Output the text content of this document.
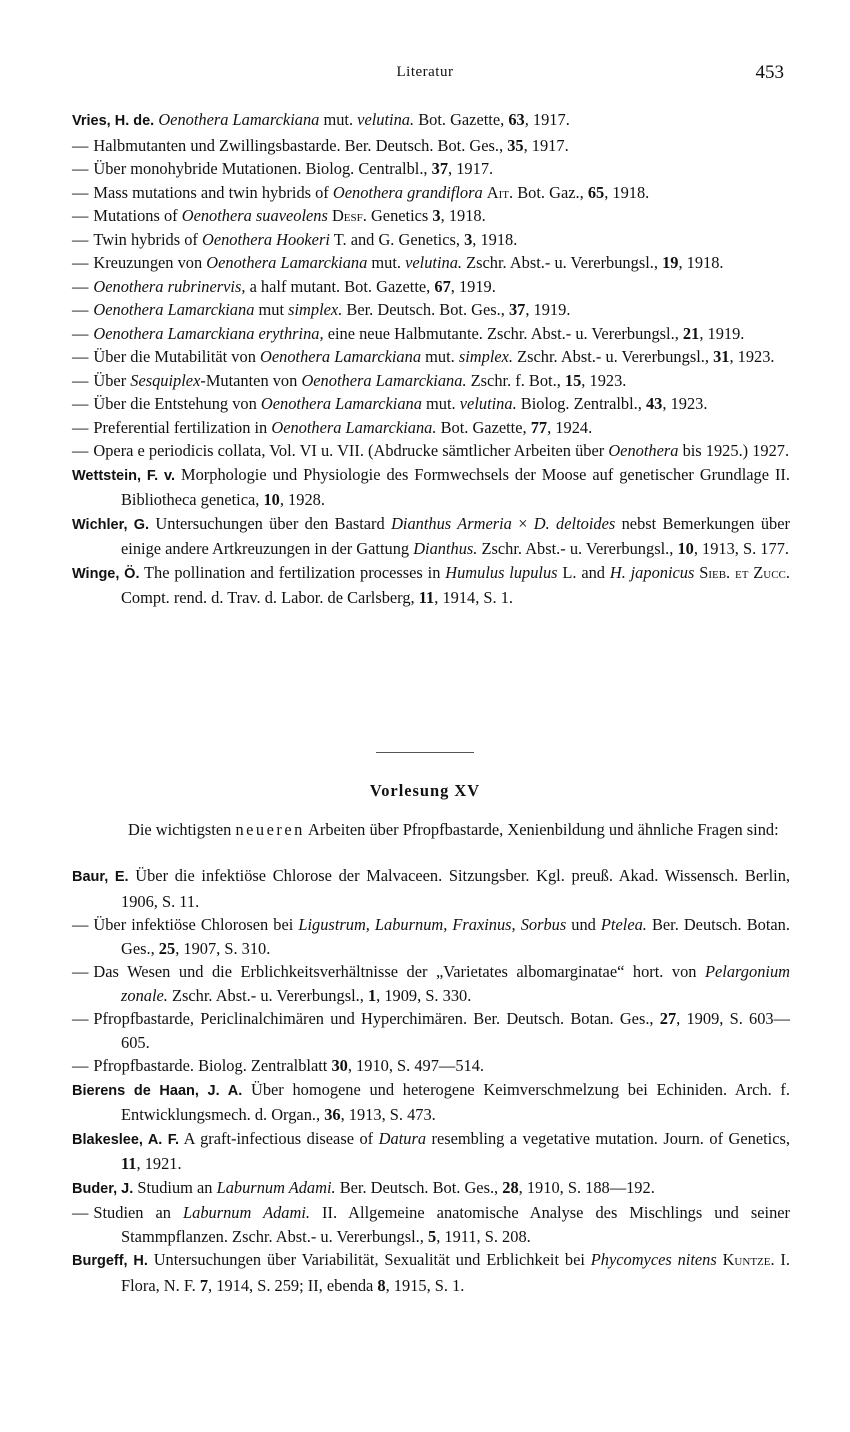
Literatur	453
Vries, H. de. Oenothera Lamarckiana mut. velutina. Bot. Gazette, 63, 1917.
— Halbmutanten und Zwillingsbastarde. Ber. Deutsch. Bot. Ges., 35, 1917.
— Über monohybride Mutationen. Biolog. Centralbl., 37, 1917.
— Mass mutations and twin hybrids of Oenothera grandiflora Ait. Bot. Gaz., 65, 1918.
— Mutations of Oenothera suaveolens Desf. Genetics 3, 1918.
— Twin hybrids of Oenothera Hookeri T. and G. Genetics, 3, 1918.
— Kreuzungen von Oenothera Lamarckiana mut. velutina. Zschr. Abst.- u. Vererbungsl., 19, 1918.
— Oenothera rubrinervis, a half mutant. Bot. Gazette, 67, 1919.
— Oenothera Lamarckiana mut simplex. Ber. Deutsch. Bot. Ges., 37, 1919.
— Oenothera Lamarckiana erythrina, eine neue Halbmutante. Zschr. Abst.- u. Vererbungsl., 21, 1919.
— Über die Mutabilität von Oenothera Lamarckiana mut. simplex. Zschr. Abst.- u. Vererbungsl., 31, 1923.
— Über Sesquiplex-Mutanten von Oenothera Lamarckiana. Zschr. f. Bot., 15, 1923.
— Über die Entstehung von Oenothera Lamarckiana mut. velutina. Biolog. Zentralbl., 43, 1923.
— Preferential fertilization in Oenothera Lamarckiana. Bot. Gazette, 77, 1924.
— Opera e periodicis collata, Vol. VI u. VII. (Abdrucke sämtlicher Arbeiten über Oenothera bis 1925.) 1927.
Wettstein, F. v. Morphologie und Physiologie des Formwechsels der Moose auf genetischer Grundlage II. Bibliotheca genetica, 10, 1928.
Wichler, G. Untersuchungen über den Bastard Dianthus Armeria × D. deltoides nebst Bemerkungen über einige andere Artkreuzungen in der Gattung Dianthus. Zschr. Abst.- u. Vererbungsl., 10, 1913, S. 177.
Winge, Ö. The pollination and fertilization processes in Humulus lupulus L. and H. japonicus Sieb. et Zucc. Compt. rend. d. Trav. d. Labor. de Carlsberg, 11, 1914, S. 1.
Vorlesung XV
Die wichtigsten neueren Arbeiten über Pfropfbastarde, Xenienbildung und ähnliche Fragen sind:
Baur, E. Über die infektiöse Chlorose der Malvaceen. Sitzungsber. Kgl. preuß. Akad. Wissensch. Berlin, 1906, S. 11.
— Über infektiöse Chlorosen bei Ligustrum, Laburnum, Fraxinus, Sorbus und Ptelea. Ber. Deutsch. Botan. Ges., 25, 1907, S. 310.
— Das Wesen und die Erblichkeitsverhältnisse der „Varietates albomarginatae“ hort. von Pelargonium zonale. Zschr. Abst.- u. Vererbungsl., 1, 1909, S. 330.
— Pfropfbastarde, Periclinalchimären und Hyperchimären. Ber. Deutsch. Botan. Ges., 27, 1909, S. 603—605.
— Pfropfbastarde. Biolog. Zentralblatt 30, 1910, S. 497—514.
Bierens de Haan, J. A. Über homogene und heterogene Keimverschmelzung bei Echiniden. Arch. f. Entwicklungsmech. d. Organ., 36, 1913, S. 473.
Blakeslee, A. F. A graft-infectious disease of Datura resembling a vegetative mutation. Journ. of Genetics, 11, 1921.
Buder, J. Studium an Laburnum Adami. Ber. Deutsch. Bot. Ges., 28, 1910, S. 188—192.
— Studien an Laburnum Adami. II. Allgemeine anatomische Analyse des Mischlings und seiner Stammpflanzen. Zschr. Abst.- u. Vererbungsl., 5, 1911, S. 208.
Burgeff, H. Untersuchungen über Variabilität, Sexualität und Erblichkeit bei Phycomyces nitens Kuntze. I. Flora, N. F. 7, 1914, S. 259; II, ebenda 8, 1915, S. 1.
